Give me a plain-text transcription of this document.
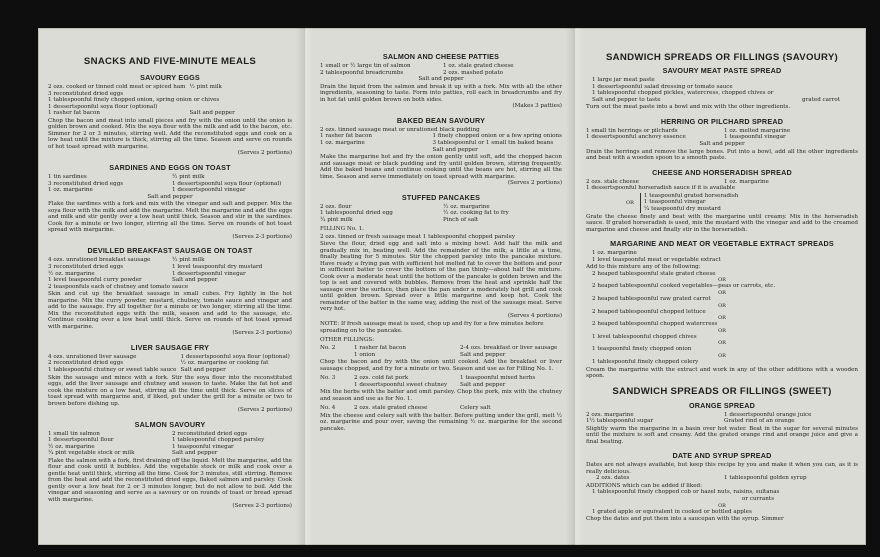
SNACKS AND FIVE-MINUTE MEALS
SAVOURY EGGS
2 ozs. cooked or tinned cold meat or spiced ham ½ pint milk
3 reconstituted dried eggs
1 tablespoonful finely chopped onion, spring onion or chives
1 dessertspoonful soya flour (optional)
1 rasher fat bacon	Salt and pepper

Chop the bacon and meat into small pieces and fry with the onion until the onion is golden brown and cooked. Mix the soya flour with the milk and add to the bacon, etc. Simmer for 2 or 3 minutes, stirring well. Add the reconstituted eggs and cook on a low heat until the mixture is thick, stirring all the time. Season and serve on rounds of hot toast spread with margarine.

(Serves 2 portions)

SARDINES AND EGGS ON TOAST
1 tin sardines	½ pint milk
3 reconstituted dried eggs	1 dessertspoonful soya flour (optional)
1 oz. margarine	1 dessertspoonful vinegar
Salt and pepper

Flake the sardines with a fork and mix with the vinegar and salt and pepper. Mix the soya flour with the milk and add the margarine. Melt the margarine and add the eggs and milk and stir gently over a low heat until thick. Season and stir in the sardines. Cook for a minute or two longer, stirring all the time. Serve on rounds of hot toast spread with margarine.

(Serves 2-3 portions)

DEVILLED BREAKFAST SAUSAGE ON TOAST
4 ozs. unrationed breakfast sausage	½ pint milk
3 reconstituted dried eggs	1 level teaspoonful dry mustard
½ oz. margarine	1 dessertspoonful vinegar
1 level teaspoonful curry powder	Salt and pepper
2 teaspoonfuls each of chutney and tomato sauce

Skin and cut up the breakfast sausage in small cubes. Fry lightly in the hot margarine. Mix the curry powder, mustard, chutney, tomato sauce and vinegar and add to the sausage. Fry all together for a minute or two longer, stirring all the time. Mix the reconstituted eggs with the milk, season and add to the sausage, etc. Continue cooking over a low heat until thick. Serve on rounds of hot toast spread with margarine.

(Serves 2-3 portions)

LIVER SAUSAGE FRY
4 ozs. unrationed liver sausage	1 dessertspoonful soya flour (optional)
2 reconstituted dried eggs	½ oz. margarine or cooking fat
1 tablespoonful chutney or sweet table sauce Salt and pepper

Skin the sausage and mince with a fork. Stir the soya flour into the reconstituted eggs, add the liver sausage and chutney and season to taste. Make the fat hot and cook the mixture on a low heat, stirring all the time until thick. Serve on slices of toast spread with margarine and, if liked, put under the grill for a minute or two to brown before dishing up.

(Serves 2 portions)

SALMON SAVOURY
1 small tin salmon	2 reconstituted dried eggs
1 dessertspoonful flour	1 tablespoonful chopped parsley
½ oz. margarine	1 teaspoonful vinegar
¼ pint vegetable stock or milk	Salt and pepper

Flake the salmon with a fork, first draining off the liquid. Melt the margarine, add the flour and cook until it bubbles. Add the vegetable stock or milk and cook over a gentle heat until thick, stirring all the time. Cook for 3 minutes, still stirring. Remove from the heat and add the reconstituted dried eggs, flaked salmon and parsley. Cook gently over a low heat for 2 or 3 minutes longer, but do not allow to boil. Add the vinegar and seasoning and serve as a savoury or on rounds of toast or bread spread with margarine.

(Serves 2-3 portions)

SALMON AND CHEESE PATTIES
1 small or ½ large tin of salmon	1 oz. stale grated cheese
2 tablespoonful breadcrumbs	2 ozs. mashed potato
Salt and pepper

Drain the liquid from the salmon and break it up with a fork. Mix with all the other ingredients, seasoning to taste. Form into patties, roll each in breadcrumbs and fry in hot fat until golden brown on both sides.

(Makes 3 patties)

BAKED BEAN SAVOURY
2 ozs. tinned sausage meat or unrationed black pudding
1 rasher fat bacon	1 finely chopped onion or a few spring onions
1 oz. margarine	3 tablespoonful or 1 small tin baked beans
Salt and pepper

Make the margarine hot and fry the onion gently until soft, add the chopped bacon and sausage meat or black pudding and fry until golden brown, stirring frequently. Add the baked beans and continue cooking until the beans are hot, stirring all the time. Season and serve immediately on toast spread with margarine.

(Serves 2 portions)

STUFFED PANCAKES
2 ozs. flour	½ oz. margarine
1 tablespoonful dried egg	½ oz. cooking fat to fry
¼ pint milk	Pinch of salt
FILLING No. 1.
2 ozs. tinned or fresh sausage meat 1 tablespoonful chopped parsley

Sieve the flour, dried egg and salt into a mixing bowl. Add half the milk and gradually mix in, beating well. Add the remainder of the milk, a little at a time, finally beating for 5 minutes. Stir the chopped parsley into the pancake mixture. Have ready a frying pan with sufficient hot melted fat to cover the bottom and pour in sufficient batter to cover the bottom of the pan thinly—about half the mixture. Cook over a moderate heat until the bottom of the pancake is golden brown and the top is set and covered with bubbles. Remove from the heat and sprinkle half the sausage over the surface, then place the pan under a moderately hot grill and cook until golden brown. Spread over a little margarine and keep hot. Cook the remainder of the batter in the same way, adding the rest of the sausage meat. Serve very hot.

(Serves 4 portions)

NOTE: If fresh sausage meat is used, chop up and fry for a few minutes before spreading on to the pancake.
OTHER FILLINGS:
No. 2	1 rasher fat bacon	2-4 ozs. breakfast or liver sausage
1 onion	Salt and pepper

Chop the bacon and fry with the onion until cooked. Add the breakfast or liver sausage chopped, and fry for a minute or two. Season and use as for Filling No. 1.

No. 3	2 ozs. cold fat pork	1 teaspoonful mixed herbs
1 dessertspoonful sweet chutney	Salt and pepper

Mix the herbs with the batter and omit parsley. Chop the pork, mix with the chutney and season and use as for No. 1.

No. 4	2 ozs. stale grated cheese	Celery salt

Mix the cheese and celery salt with the batter. Before putting under the grill, melt ½ oz. margarine and pour over, saving the remaining ½ oz. margarine for the second pancake.

SANDWICH SPREADS OR FILLINGS (SAVOURY)
SAVOURY MEAT PASTE SPREAD
1 large jar meat paste
1 dessertspoonful salad dressing or tomato sauce
1 tablespoonful chopped pickles, watercress, chopped chives or
Salt and pepper to taste	grated carrot

Turn out the meat paste into a bowl and mix with the other ingredients.

HERRING OR PILCHARD SPREAD
1 small tin herrings or pilchards	1 oz. melted margarine
1 dessertspoonful anchovy essence	1 teaspoonful vinegar
Salt and pepper

Drain the herrings and remove the large bones. Put into a bowl, add all the other ingredients and beat with a wooden spoon to a smooth paste.

CHEESE AND HORSERADISH SPREAD
2 ozs. stale cheese	1 oz. margarine
1 dessertspoonful horseradish sauce if it is available
OR
1 teaspoonful grated horseradish
1 teaspoonful vinegar
¼ teaspoonful dry mustard

Grate the cheese finely and beat with the margarine until creamy. Mix in the horseradish sauce. If grated horseradish is used, mix the mustard with the vinegar and add to the creamed margarine and cheese and finally stir in the horseradish.

MARGARINE AND MEAT OR VEGETABLE EXTRACT SPREADS
1 oz. margarine
1 level teaspoonful meat or vegetable extract
Add to this mixture any of the following:
2 heaped tablespoonful stale grated cheese
OR
2 heaped tablespoonful cooked vegetables—peas or carrots, etc.
OR
2 heaped tablespoonful raw grated carrot
OR
2 heaped tablespoonful chopped lettuce
OR
2 heaped tablespoonful chopped watercress
OR
1 level tablespoonful chopped chives
OR
1 teaspoonful finely chopped onion
OR
1 tablespoonful finely chopped celery

Cream the margarine with the extract and work in any of the other additions with a wooden spoon.

SANDWICH SPREADS OR FILLINGS (SWEET)
ORANGE SPREAD
2 ozs. margarine	1 dessertspoonful orange juice
1½ tablespoonful sugar	Grated rind of an orange

Slightly warm the margarine in a basin over hot water. Beat in the sugar for several minutes until the mixture is soft and creamy. Add the grated orange rind and orange juice and give a final beating.

DATE AND SYRUP SPREAD

Dates are not always available, but keep this recipe by you and make it when you can, as it is really delicious.

2 ozs. dates	1 tablespoonful golden syrup
ADDITIONS which can be added if liked:
1 tablespoonful finely chopped cob or hazel nuts, raisins, sultanas
or currants
OR
1 grated apple or equivalent in cooked or bottled apples

Chop the dates and put them into a saucepan with the syrup. Simmer
